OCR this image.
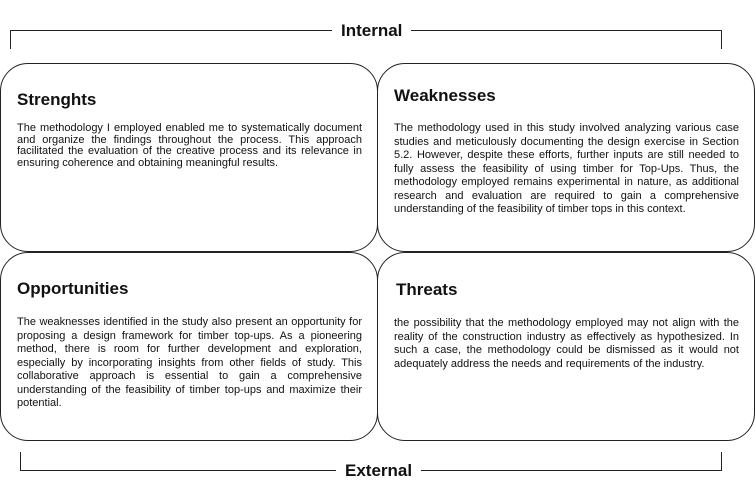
Internal
Strenghts

The methodology I employed enabled me to systematically document and organize the findings throughout the process. This approach facilitated the evaluation of the creative process and its relevance in ensuring coherence and obtaining meaningful results.

Weaknesses

The methodology used in this study involved analyzing various case studies and meticulously documenting the design exercise in Section 5.2. However, despite these efforts, further inputs are still needed to fully assess the feasibility of using timber for Top-Ups. Thus, the methodology employed remains experimental in nature, as additional research and evaluation are required to gain a comprehensive understanding of the feasibility of timber tops in this context.

Opportunities

The weaknesses identified in the study also present an opportunity for proposing a design framework for timber top-ups. As a pioneering method, there is room for further development and exploration, especially by incorporating insights from other fields of study. This collaborative approach is essential to gain a comprehensive understanding of the feasibility of timber top-ups and maximize their potential.

Threats

the possibility that the methodology employed may not align with the reality of the construction industry as effectively as hypothesized. In such a case, the methodology could be dismissed as it would not adequately address the needs and requirements of the industry.

External
